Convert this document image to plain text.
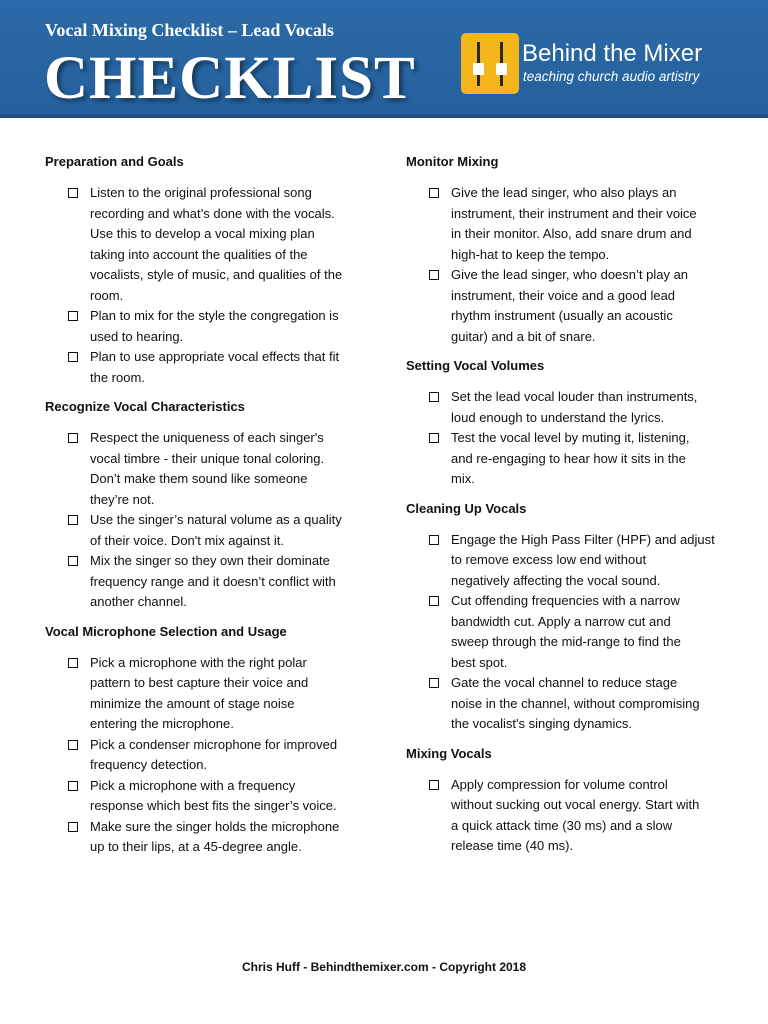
Vocal Mixing Checklist – Lead Vocals
CHECKLIST	Behind the Mixer
teaching church audio artistry
Preparation and Goals
Listen to the original professional song
recording and what’s done with the vocals.
Use this to develop a vocal mixing plan
taking into account the qualities of the
vocalists, style of music, and qualities of the
room.
Plan to mix for the style the congregation is
used to hearing.
Plan to use appropriate vocal effects that fit
the room.
Recognize Vocal Characteristics
Respect the uniqueness of each singer's
vocal timbre - their unique tonal coloring.
Don’t make them sound like someone
they’re not.
Use the singer’s natural volume as a quality
of their voice. Don't mix against it.
Mix the singer so they own their dominate
frequency range and it doesn’t conflict with
another channel.
Vocal Microphone Selection and Usage
Pick a microphone with the right polar
pattern to best capture their voice and
minimize the amount of stage noise
entering the microphone.
Pick a condenser microphone for improved
frequency detection.
Pick a microphone with a frequency
response which best fits the singer’s voice.
Make sure the singer holds the microphone
up to their lips, at a 45-degree angle.
Monitor Mixing
Give the lead singer, who also plays an
instrument, their instrument and their voice
in their monitor. Also, add snare drum and
high-hat to keep the tempo.
Give the lead singer, who doesn’t play an
instrument, their voice and a good lead
rhythm instrument (usually an acoustic
guitar) and a bit of snare.
Setting Vocal Volumes
Set the lead vocal louder than instruments,
loud enough to understand the lyrics.
Test the vocal level by muting it, listening,
and re-engaging to hear how it sits in the
mix.
Cleaning Up Vocals
Engage the High Pass Filter (HPF) and adjust
to remove excess low end without
negatively affecting the vocal sound.
Cut offending frequencies with a narrow
bandwidth cut. Apply a narrow cut and
sweep through the mid-range to find the
best spot.
Gate the vocal channel to reduce stage
noise in the channel, without compromising
the vocalist's singing dynamics.
Mixing Vocals
Apply compression for volume control
without sucking out vocal energy. Start with
a quick attack time (30 ms) and a slow
release time (40 ms).
Chris Huff - Behindthemixer.com - Copyright 2018
